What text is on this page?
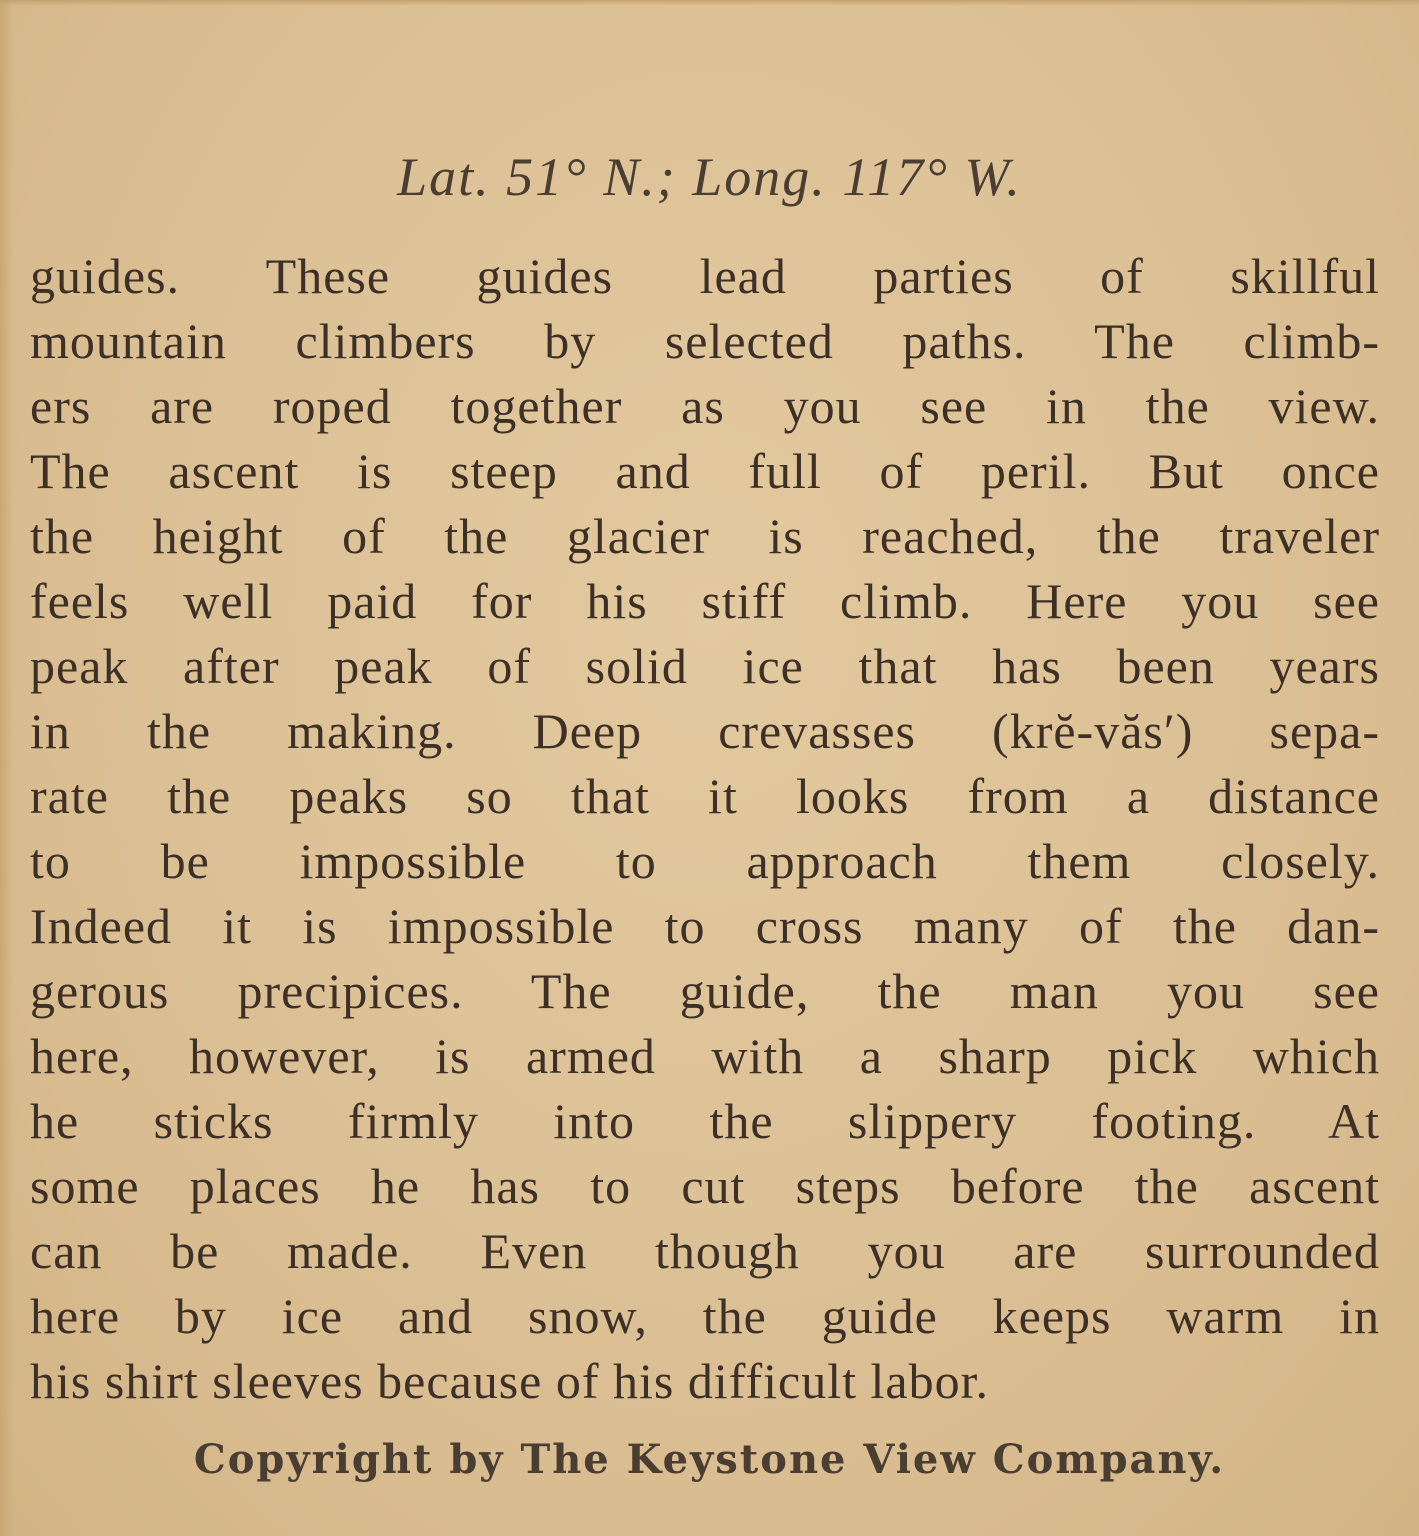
Lat. 51° N.; Long. 117° W.
guides. These guides lead parties of skillful
mountain climbers by selected paths. The climb-
ers are roped together as you see in the view.
The ascent is steep and full of peril. But once
the height of the glacier is reached, the traveler
feels well paid for his stiff climb. Here you see
peak after peak of solid ice that has been years
in the making. Deep crevasses (krĕ-văs′) sepa-
rate the peaks so that it looks from a distance
to be impossible to approach them closely.
Indeed it is impossible to cross many of the dan-
gerous precipices. The guide, the man you see
here, however, is armed with a sharp pick which
he sticks firmly into the slippery footing. At
some places he has to cut steps before the ascent
can be made. Even though you are surrounded
here by ice and snow, the guide keeps warm in
his shirt sleeves because of his difficult labor.

Copyright by The Keystone View Company.
